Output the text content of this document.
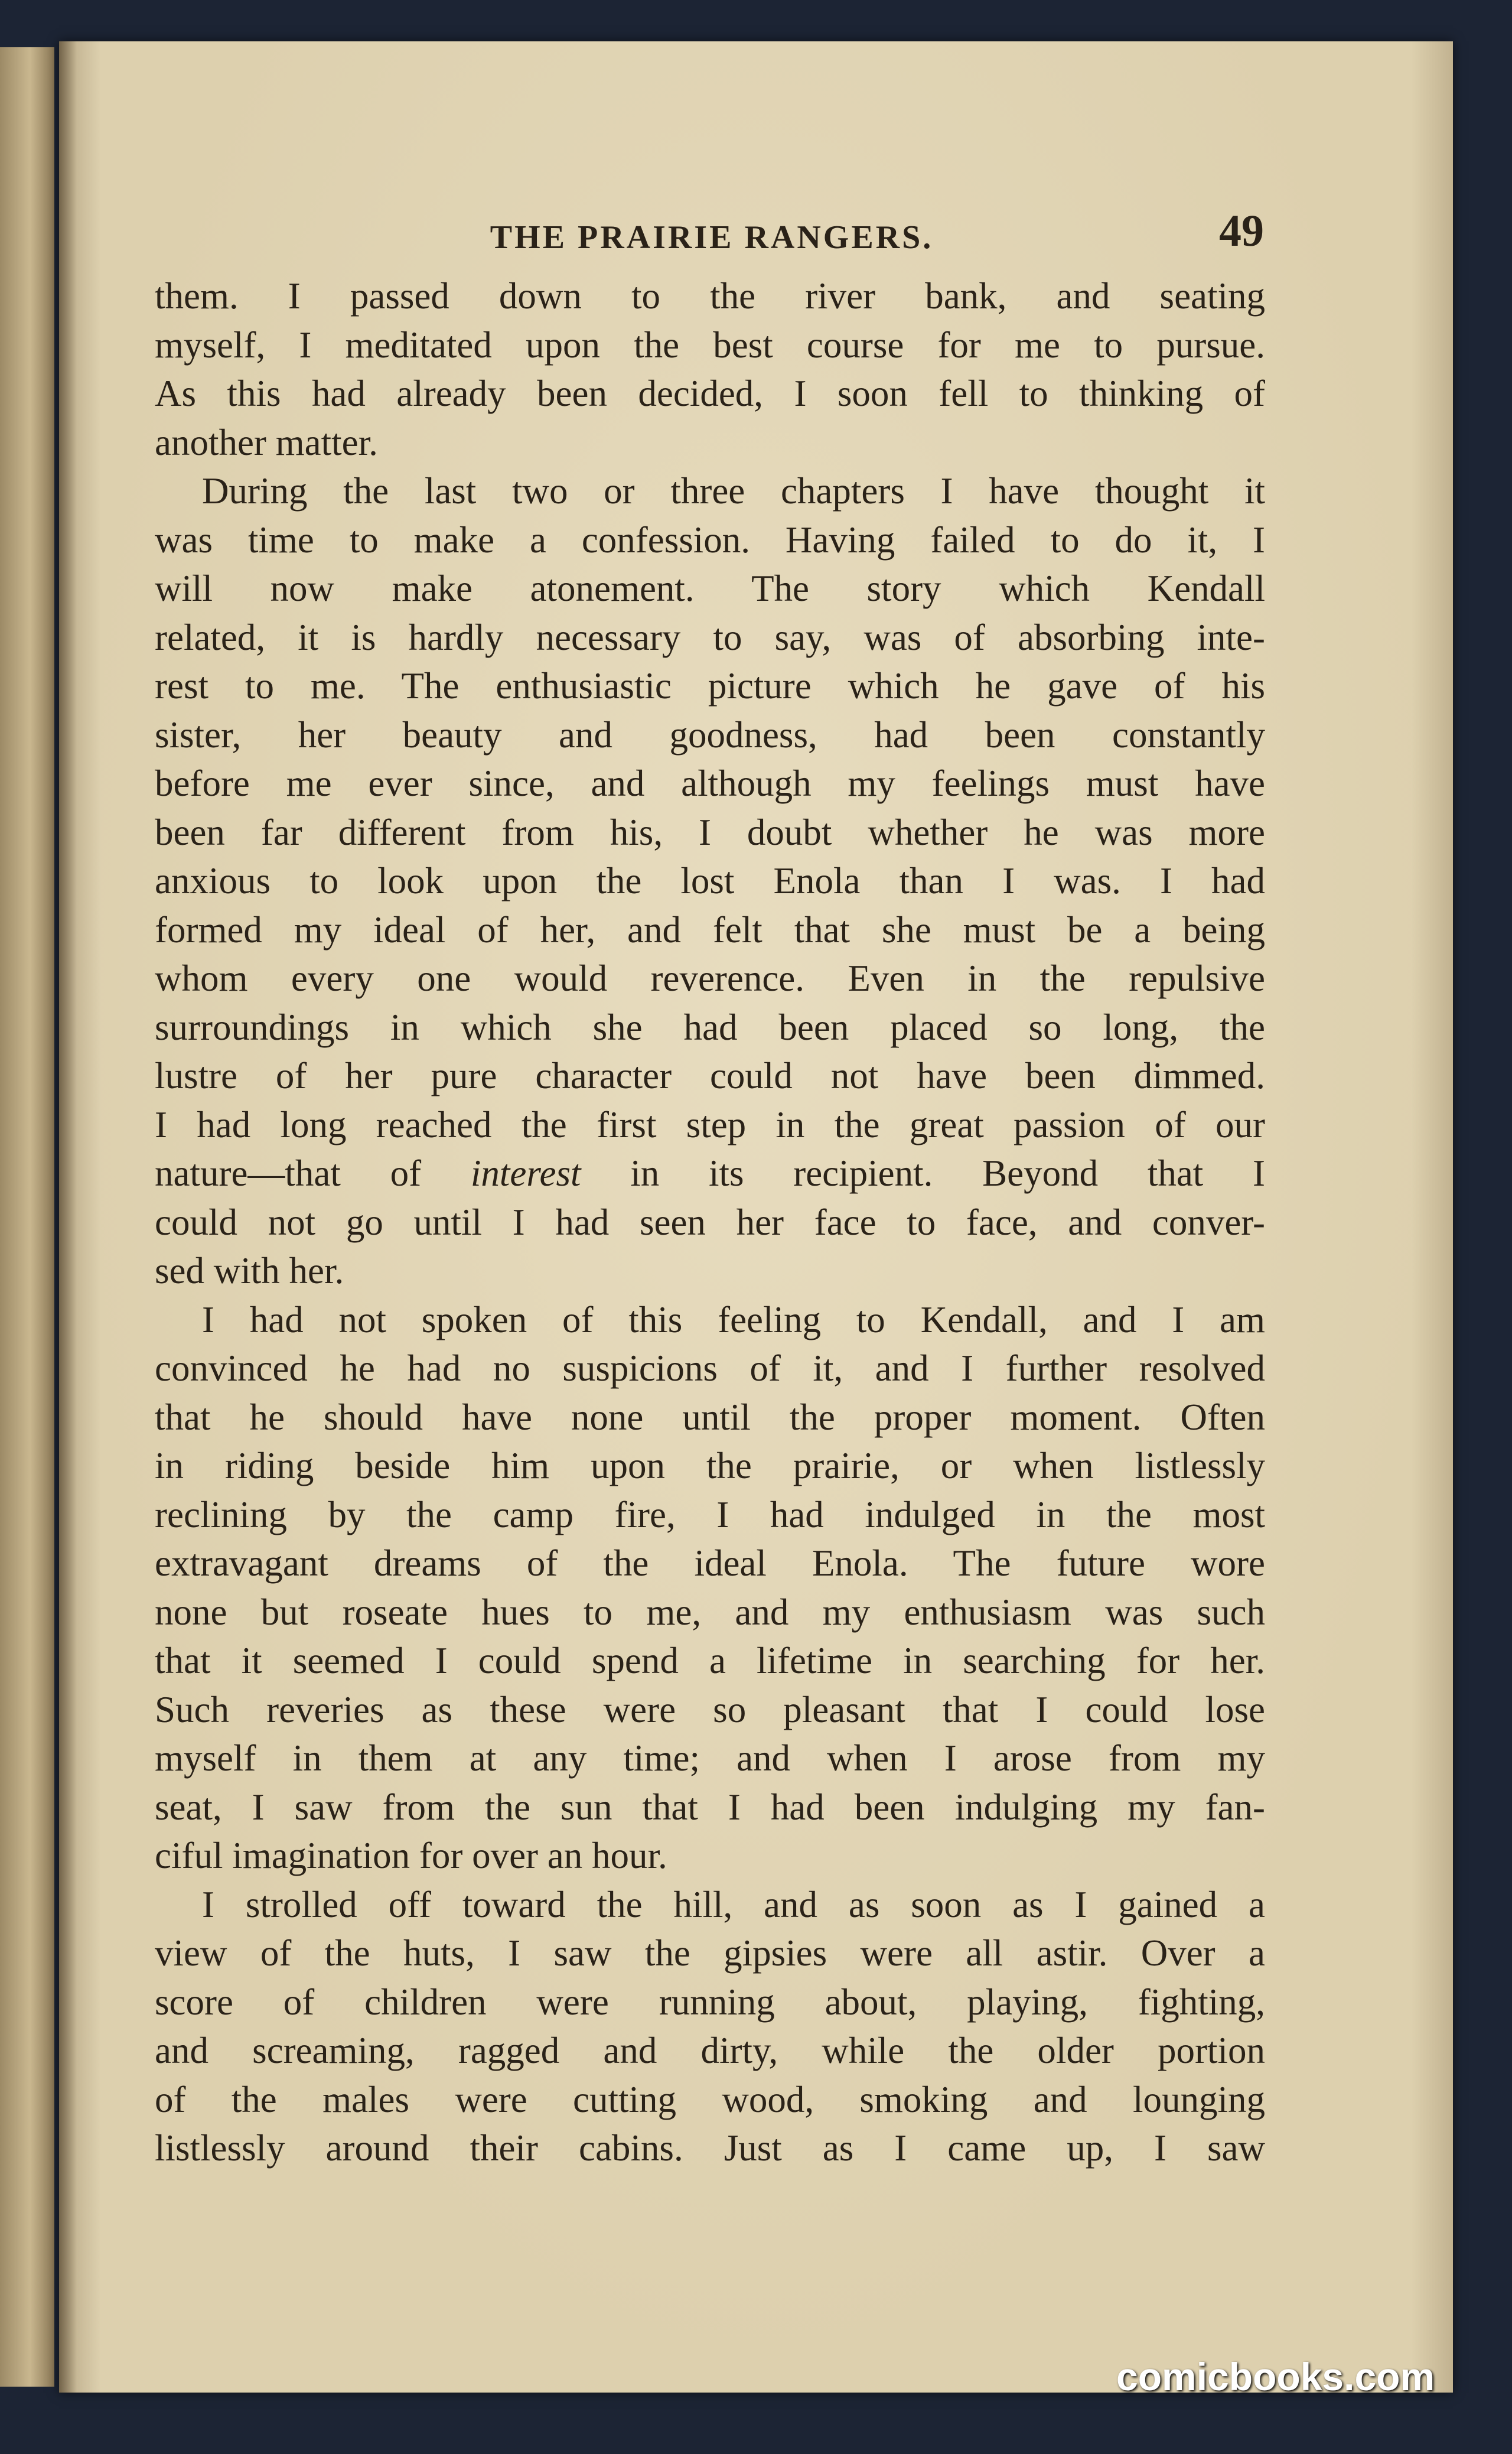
THE PRAIRIE RANGERS.	49
them. I passed down to the river bank, and seating
myself, I meditated upon the best course for me to pursue.
As this had already been decided, I soon fell to thinking of
another matter.
During the last two or three chapters I have thought it
was time to make a confession. Having failed to do it, I
will now make atonement. The story which Kendall
related, it is hardly necessary to say, was of absorbing inte-
rest to me. The enthusiastic picture which he gave of his
sister, her beauty and goodness, had been constantly
before me ever since, and although my feelings must have
been far different from his, I doubt whether he was more
anxious to look upon the lost Enola than I was. I had
formed my ideal of her, and felt that she must be a being
whom every one would reverence. Even in the repulsive
surroundings in which she had been placed so long, the
lustre of her pure character could not have been dimmed.
I had long reached the first step in the great passion of our
nature—that of interest in its recipient. Beyond that I
could not go until I had seen her face to face, and conver-
sed with her.
I had not spoken of this feeling to Kendall, and I am
convinced he had no suspicions of it, and I further resolved
that he should have none until the proper moment. Often
in riding beside him upon the prairie, or when listlessly
reclining by the camp fire, I had indulged in the most
extravagant dreams of the ideal Enola. The future wore
none but roseate hues to me, and my enthusiasm was such
that it seemed I could spend a lifetime in searching for her.
Such reveries as these were so pleasant that I could lose
myself in them at any time; and when I arose from my
seat, I saw from the sun that I had been indulging my fan-
ciful imagination for over an hour.
I strolled off toward the hill, and as soon as I gained a
view of the huts, I saw the gipsies were all astir. Over a
score of children were running about, playing, fighting,
and screaming, ragged and dirty, while the older portion
of the males were cutting wood, smoking and lounging
listlessly around their cabins. Just as I came up, I saw
comicbooks.com
